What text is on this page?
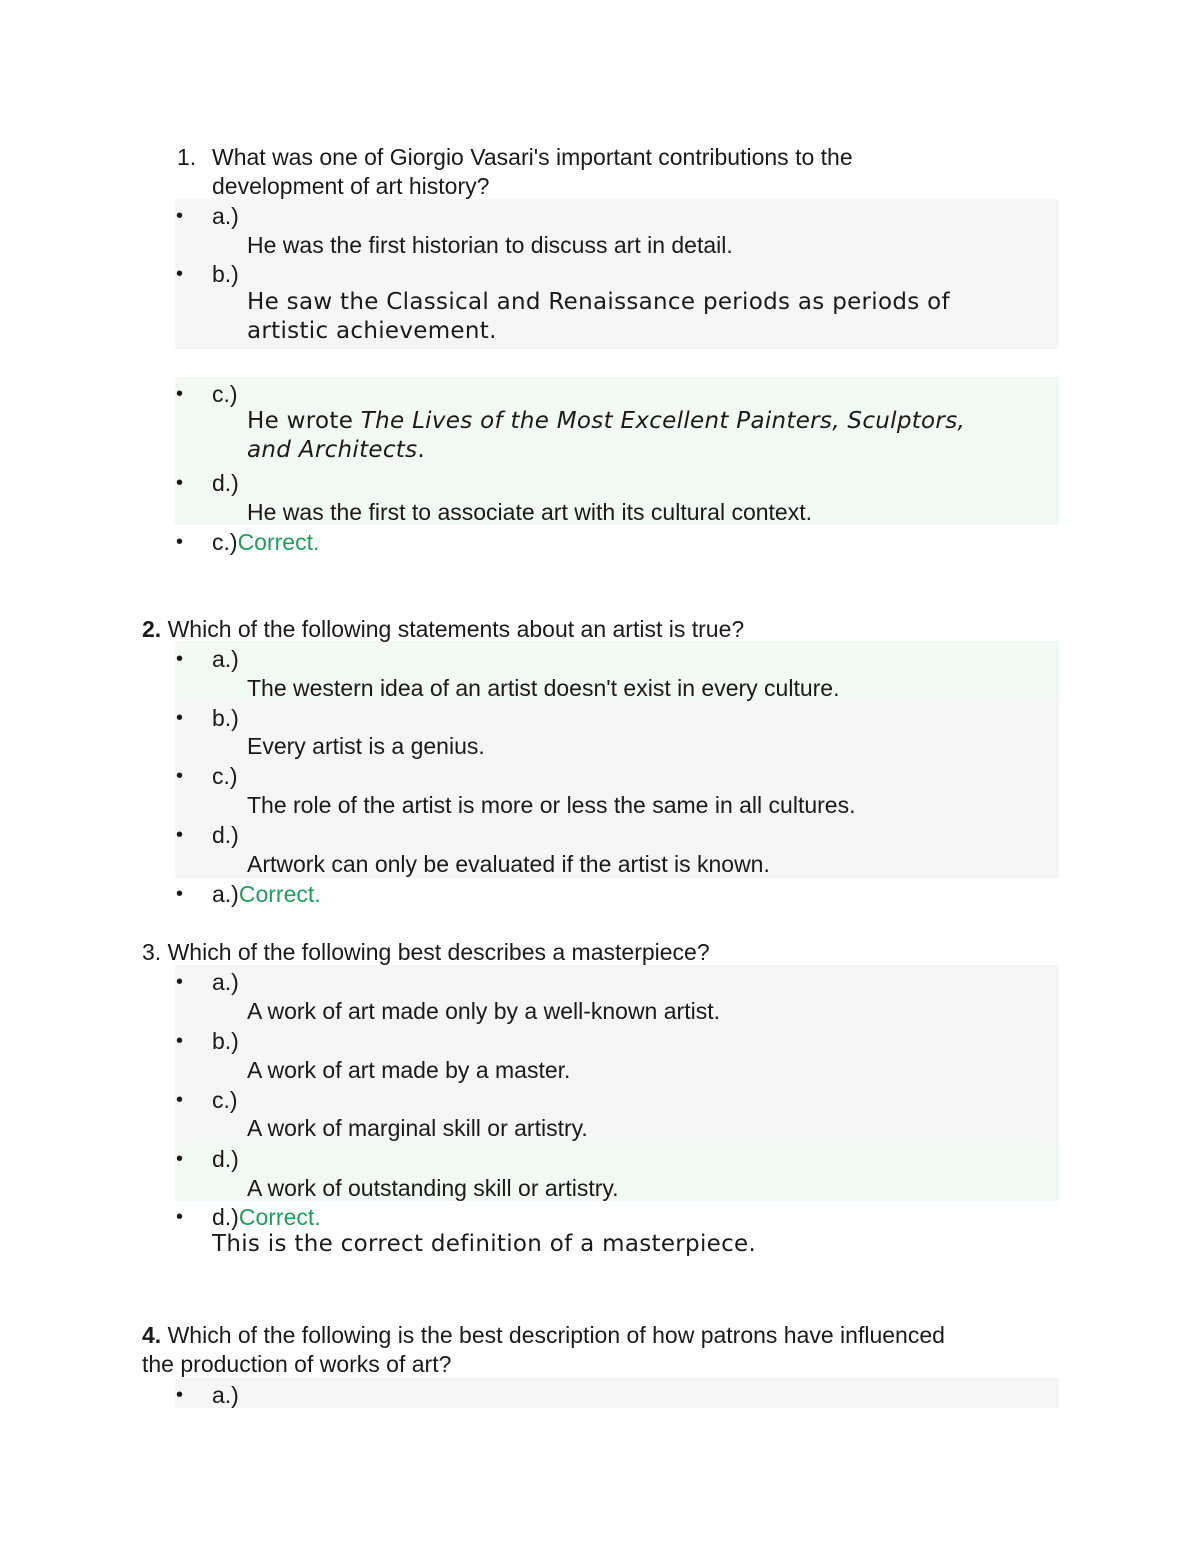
1. What was one of Giorgio Vasari's important contributions to the
development of art history?
• a.)
He was the first historian to discuss art in detail.
• b.)
He saw the Classical and Renaissance periods as periods of
artistic achievement.
• c.)
He wrote The Lives of the Most Excellent Painters, Sculptors,
and Architects.
• d.)
He was the first to associate art with its cultural context.
• c.)Correct.
2. Which of the following statements about an artist is true?
• a.)
The western idea of an artist doesn't exist in every culture.
• b.)
Every artist is a genius.
• c.)
The role of the artist is more or less the same in all cultures.
• d.)
Artwork can only be evaluated if the artist is known.
• a.)Correct.
3. Which of the following best describes a masterpiece?
• a.)
A work of art made only by a well-known artist.
• b.)
A work of art made by a master.
• c.)
A work of marginal skill or artistry.
• d.)
A work of outstanding skill or artistry.
• d.)Correct.
This is the correct definition of a masterpiece.
4. Which of the following is the best description of how patrons have influenced
the production of works of art?
• a.)
